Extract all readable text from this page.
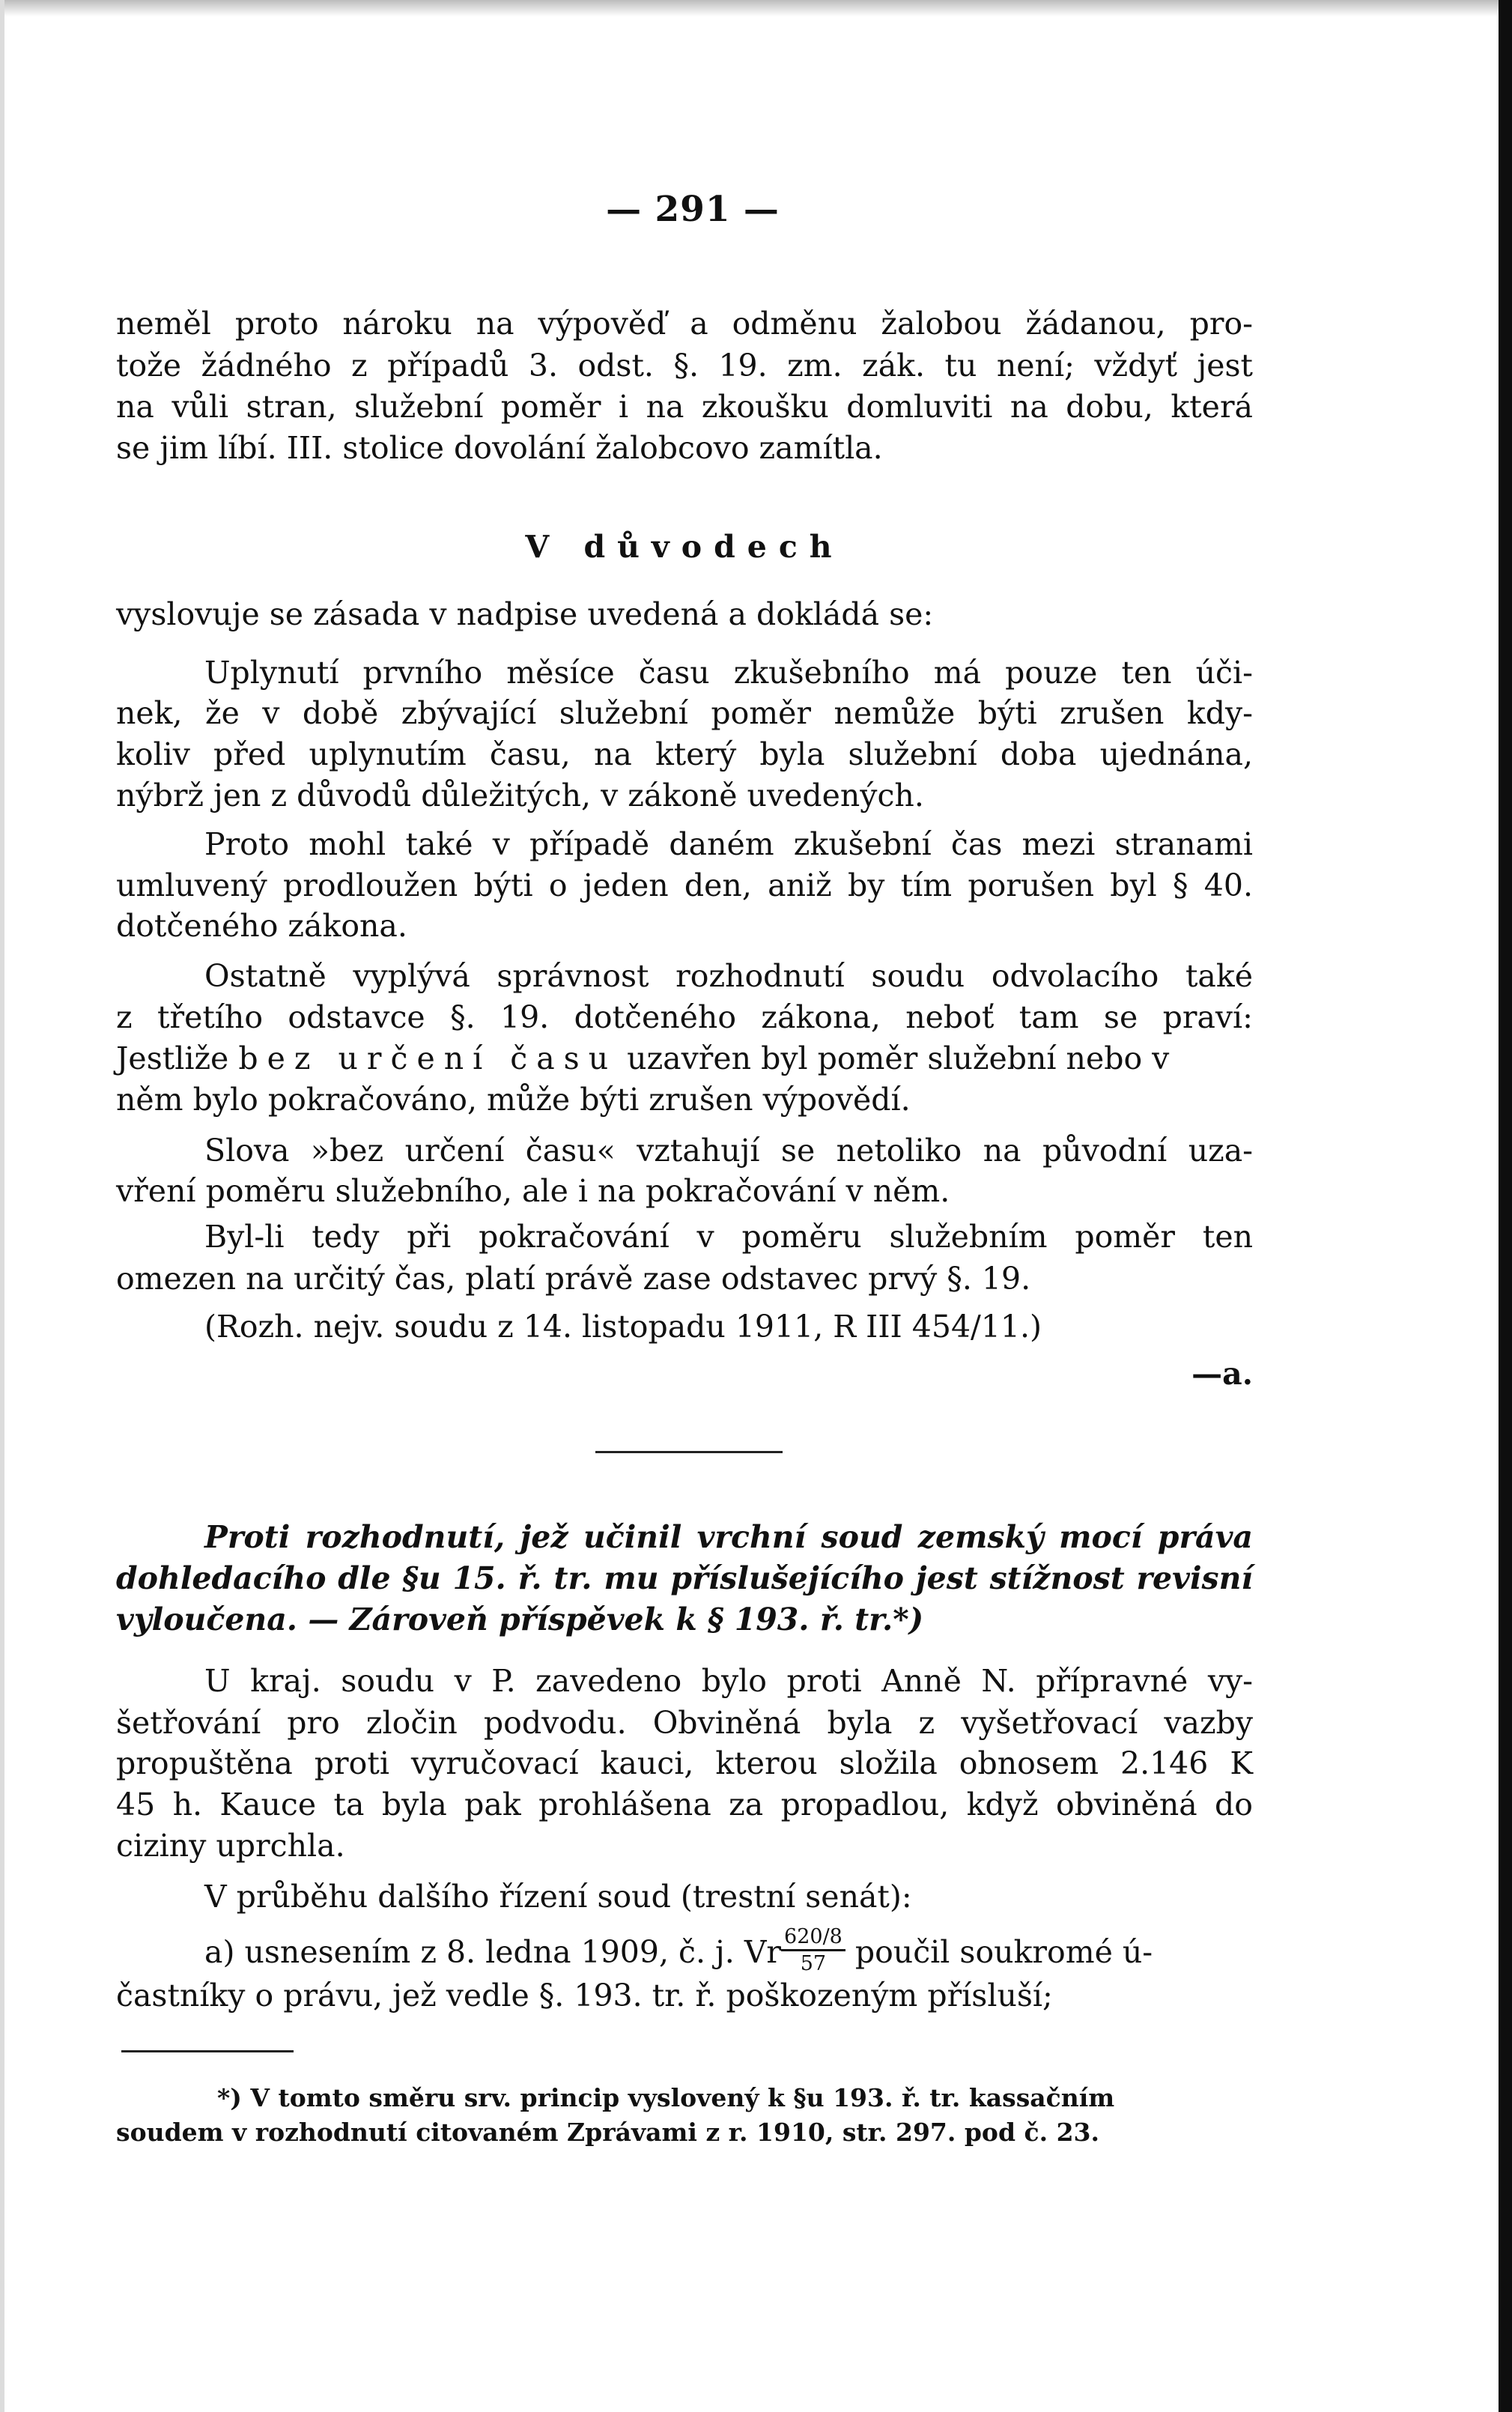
— 291 —
neměl proto nároku na výpověď a odměnu žalobou žádanou, pro-
tože žádného z případů 3. odst. §. 19. zm. zák. tu není; vždyť jest
na vůli stran, služební poměr i na zkoušku domluviti na dobu, která
se jim líbí. III. stolice dovolání žalobcovo zamítla.
V důvodech
vyslovuje se zásada v nadpise uvedená a dokládá se:
Uplynutí prvního měsíce času zkušebního má pouze ten úči-
nek, že v době zbývající služební poměr nemůže býti zrušen kdy-
koliv před uplynutím času, na který byla služební doba ujednána,
nýbrž jen z důvodů důležitých, v zákoně uvedených.
Proto mohl také v případě daném zkušební čas mezi stranami
umluvený prodloužen býti o jeden den, aniž by tím porušen byl § 40.
dotčeného zákona.
Ostatně vyplývá správnost rozhodnutí soudu odvolacího také
z třetího odstavce §. 19. dotčeného zákona, neboť tam se praví:
Jestliže bez určení času uzavřen byl poměr služební nebo v
něm bylo pokračováno, může býti zrušen výpovědí.
Slova »bez určení času« vztahují se netoliko na původní uza-
vření poměru služebního, ale i na pokračování v něm.
Byl-li tedy při pokračování v poměru služebním poměr ten
omezen na určitý čas, platí právě zase odstavec prvý §. 19.
(Rozh. nejv. soudu z 14. listopadu 1911, R III 454/11.)
—a.
Proti rozhodnutí, jež učinil vrchní soud zemský mocí práva
dohledacího dle §u 15. ř. tr. mu příslušejícího jest stížnost revisní
vyloučena. — Zároveň příspěvek k § 193. ř. tr.*)
U kraj. soudu v P. zavedeno bylo proti Anně N. přípravné vy-
šetřování pro zločin podvodu. Obviněná byla z vyšetřovací vazby
propuštěna proti vyručovací kauci, kterou složila obnosem 2.146 K
45 h. Kauce ta byla pak prohlášena za propadlou, když obviněná do
ciziny uprchla.
V průběhu dalšího řízení soud (trestní senát):
a) usnesením z 8. ledna 1909, č. j. Vr $\frac{620/8}{57}$ poučil soukromé ú-
častníky o právu, jež vedle §. 193. tr. ř. poškozeným přísluší;
*) V tomto směru srv. princip vyslovený k §u 193. ř. tr. kassačním
soudem v rozhodnutí citovaném Zprávami z r. 1910, str. 297. pod č. 23.
